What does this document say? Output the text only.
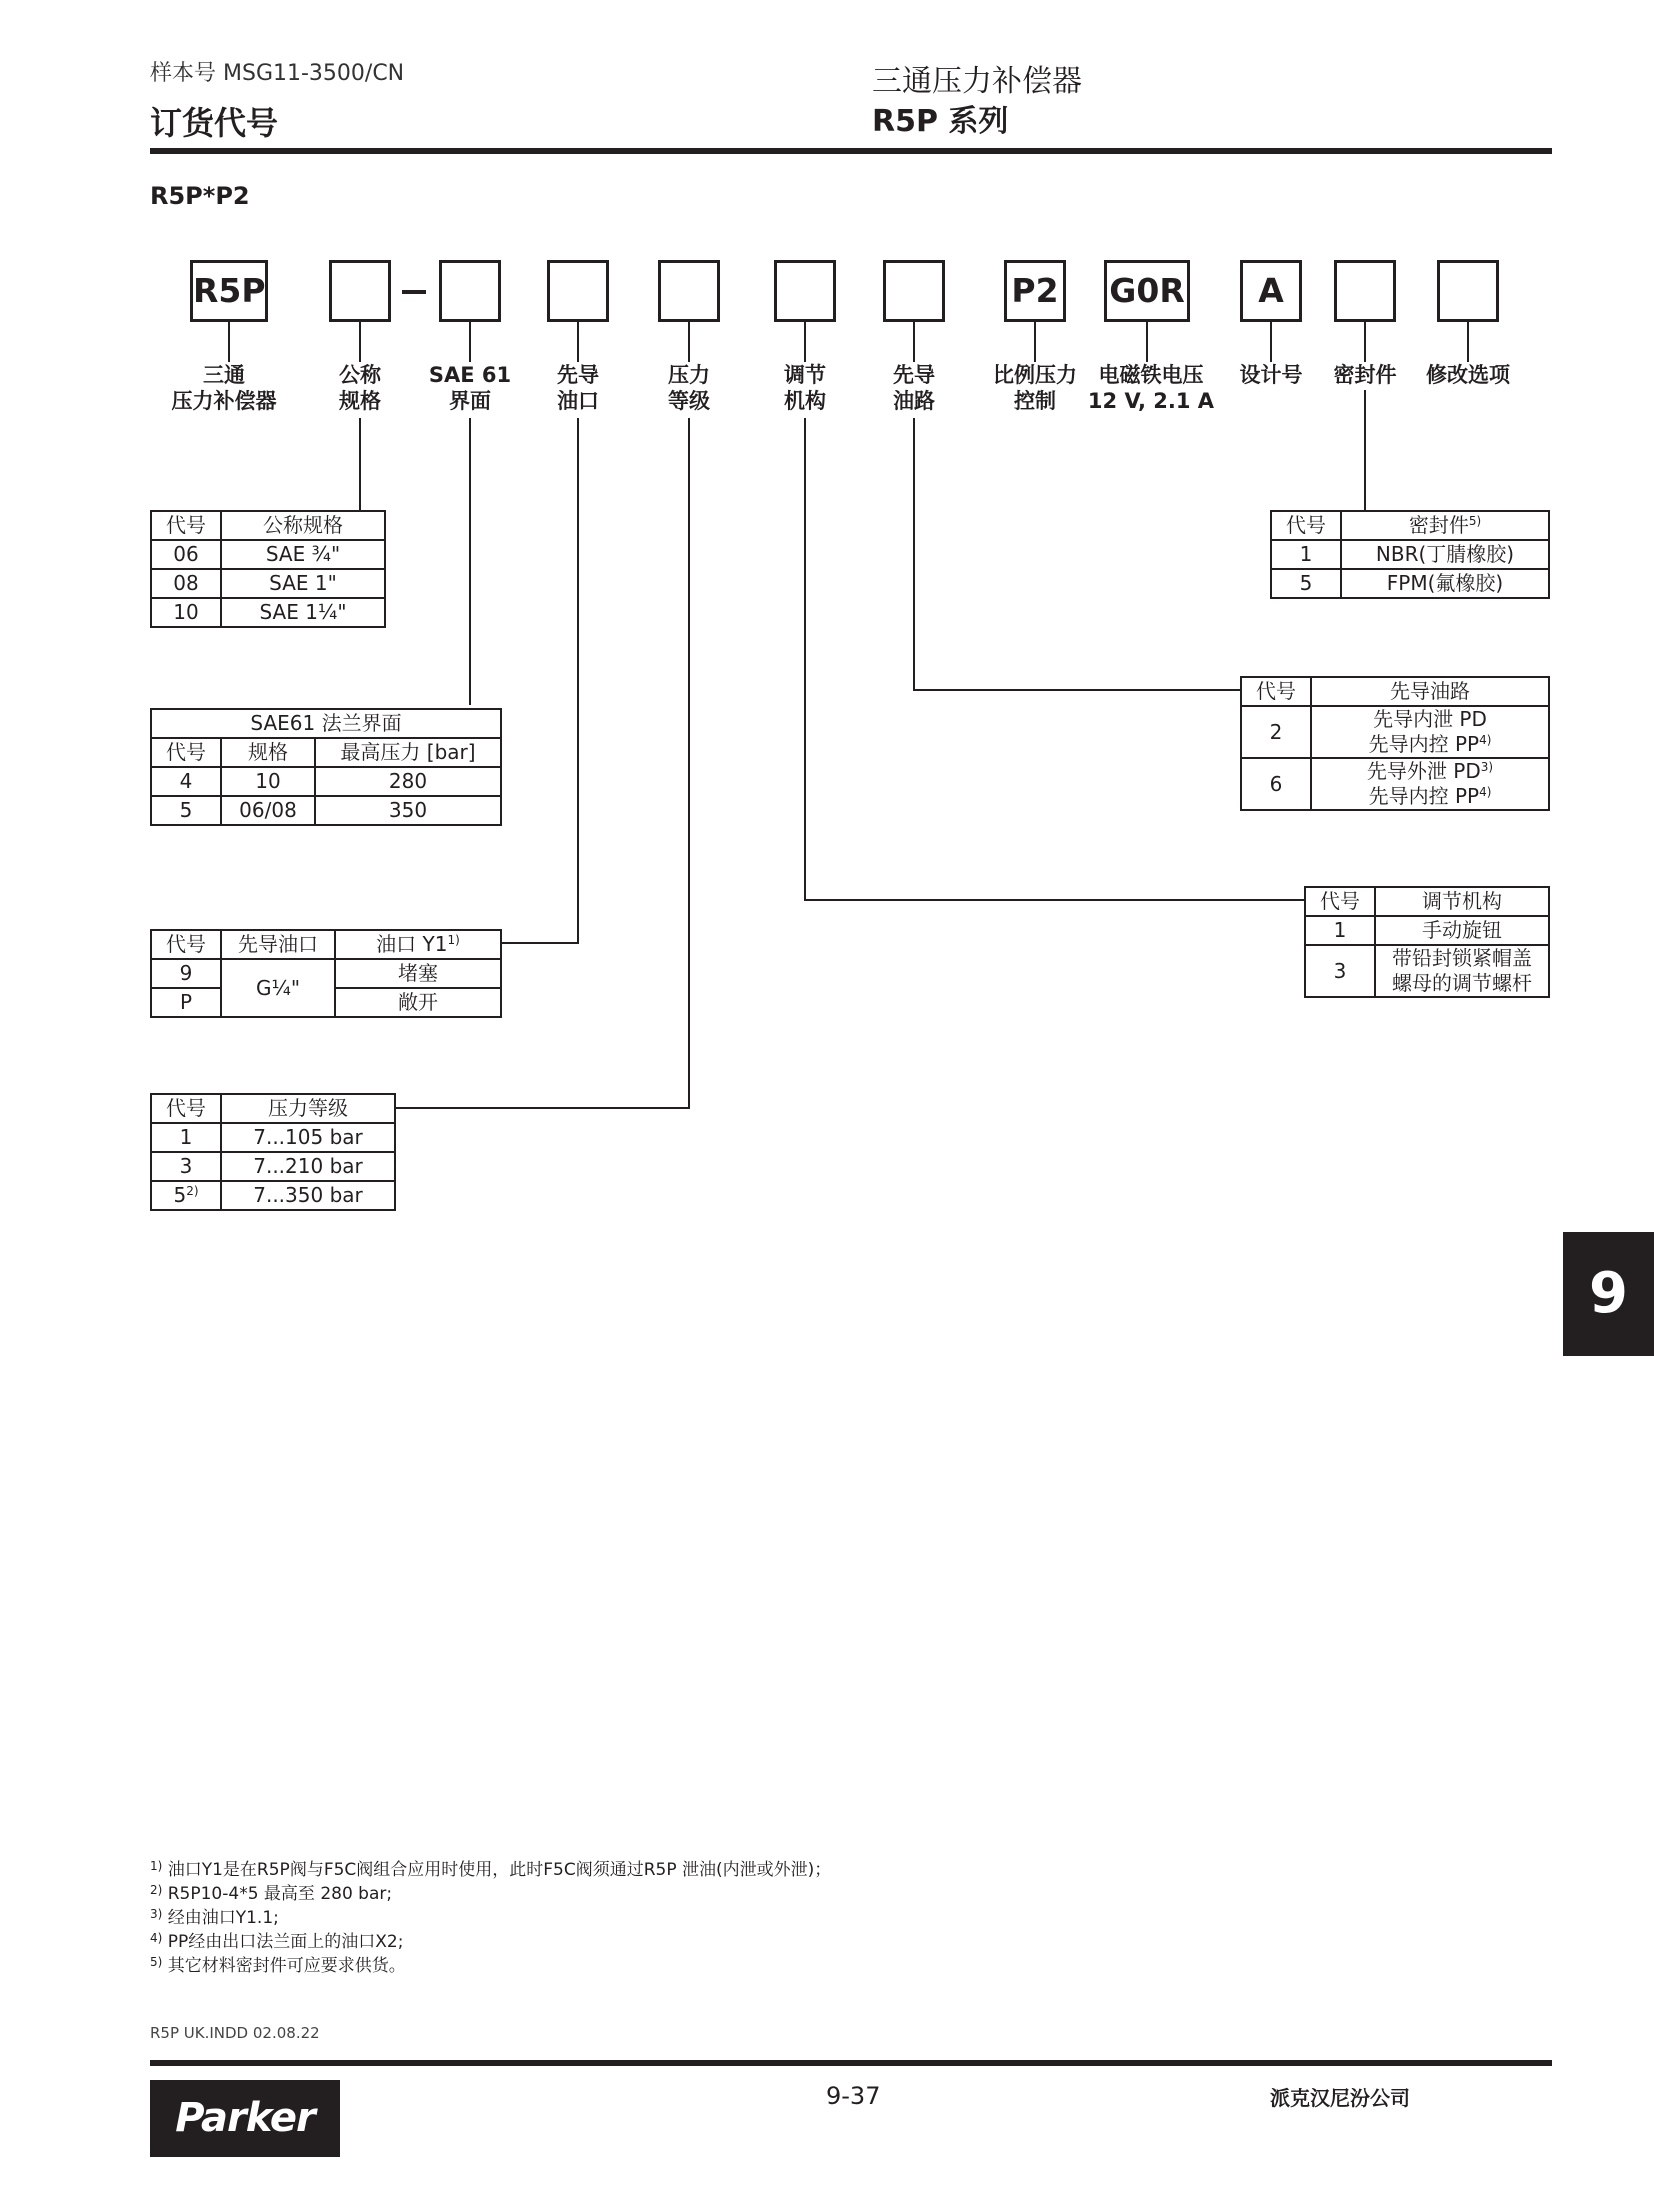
样本号 MSG11-3500/CN
订货代号
三通压力补偿器
R5P 系列
R5P*P2
R5P	P2 G0R	A
三通
压力补偿器
公称
规格
SAE 61
界面
先导
油口
压力
等级
调节
机构
先导
油路
比例压力
控制
电磁铁电压
12 V, 2.1 A
设计号 密封件 修改选项
代号	公称规格
06	SAE ¾"
08	SAE 1"
10	SAE 1¼"
SAE61 法兰界面		
代号	规格	最高压力 [bar]
4	10	280
5	06/08	350
代号	先导油口	油口 Y1$^{1)}$
9	G¼"	堵塞
P		敞开
代号	压力等级
1	7...105 bar
3	7...210 bar
5$^{2)}$	7...350 bar
代号	密封件$^{5)}$
1	NBR(丁腈橡胶)
5	FPM(氟橡胶)
代号	先导油路
2	先导内泄 PD
先导内控 PP$^{4)}$

6	先导外泄 PD$^{3)}$
先导内控 PP$^{4)}$
代号	调节机构
1	手动旋钮
3	带铅封锁紧帽盖
螺母的调节螺杆
9
$^{1)}$ 油口Y1是在R5P阀与F5C阀组合应用时使用，此时F5C阀须通过R5P 泄油(内泄或外泄)；
$^{2)}$ R5P10-4*5 最高至 280 bar;
$^{3)}$ 经由油口Y1.1;
$^{4)}$ PP经由出口法兰面上的油口X2;
$^{5)}$ 其它材料密封件可应要求供货。
R5P UK.INDD 02.08.22
Parker	9-37	派克汉尼汾公司
